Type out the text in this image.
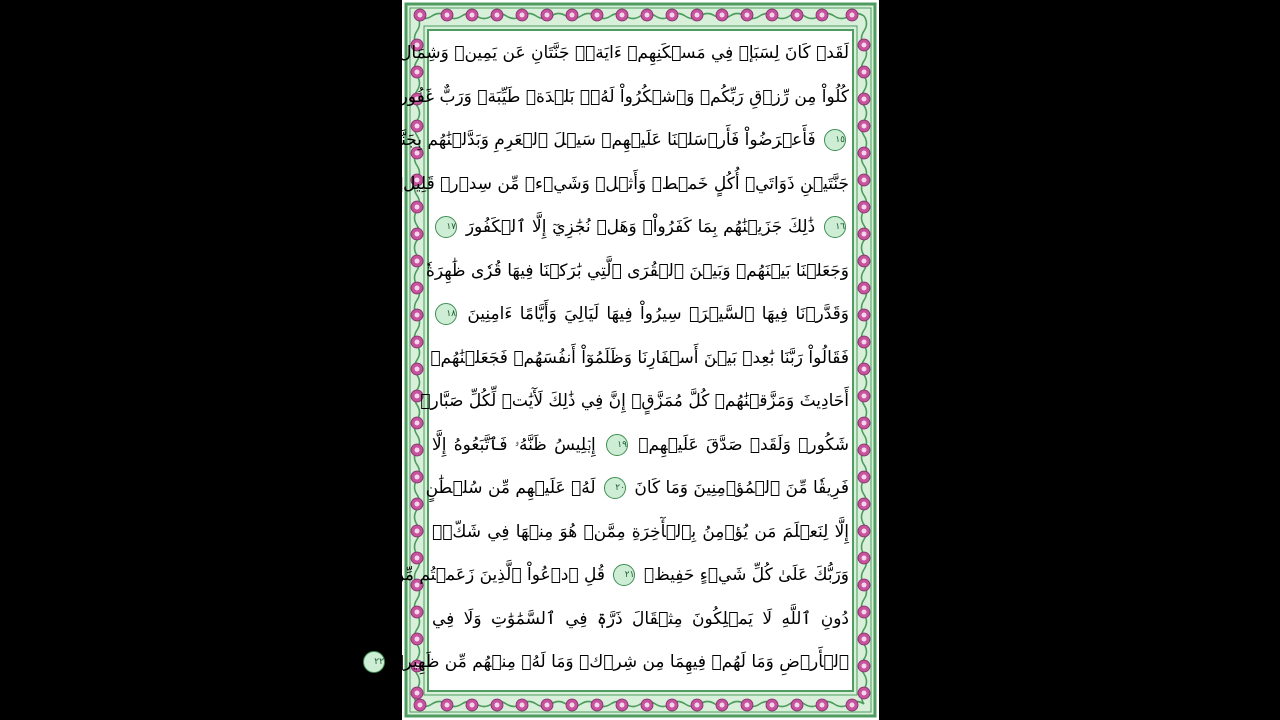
لَقَدۡ كَانَ لِسَبَإٖ فِي مَسۡكَنِهِمۡ ءَايَةٞۖ جَنَّتَانِ عَن يَمِينٖ وَشِمَالٖۖ
كُلُواْ مِن رِّزۡقِ رَبِّكُمۡ وَٱشۡكُرُواْ لَهُۥۚ بَلۡدَةٞ طَيِّبَةٞ وَرَبٌّ غَفُورٞ
١٥ فَأَعۡرَضُواْ فَأَرۡسَلۡنَا عَلَيۡهِمۡ سَيۡلَ ٱلۡعَرِمِ وَبَدَّلۡنَٰهُم بِجَنَّتَيۡهِمۡ
جَنَّتَيۡنِ ذَوَاتَيۡ أُكُلٍ خَمۡطٖ وَأَثۡلٖ وَشَيۡءٖ مِّن سِدۡرٖ قَلِيلٖ
١٦ ذَٰلِكَ جَزَيۡنَٰهُم بِمَا كَفَرُواْۖ وَهَلۡ نُجَٰزِيٓ إِلَّا ٱلۡكَفُورَ ١٧
وَجَعَلۡنَا بَيۡنَهُمۡ وَبَيۡنَ ٱلۡقُرَى ٱلَّتِي بَٰرَكۡنَا فِيهَا قُرٗى ظَٰهِرَةٗ
وَقَدَّرۡنَا فِيهَا ٱلسَّيۡرَۖ سِيرُواْ فِيهَا لَيَالِيَ وَأَيَّامًا ءَامِنِينَ ١٨
فَقَالُواْ رَبَّنَا بَٰعِدۡ بَيۡنَ أَسۡفَارِنَا وَظَلَمُوٓاْ أَنفُسَهُمۡ فَجَعَلۡنَٰهُمۡ
أَحَادِيثَ وَمَزَّقۡنَٰهُمۡ كُلَّ مُمَزَّقٍۚ إِنَّ فِي ذَٰلِكَ لَأٓيَٰتٖ لِّكُلِّ صَبَّارٖ
شَكُورٖ وَلَقَدۡ صَدَّقَ عَلَيۡهِمۡ ١٩ إِبۡلِيسُ ظَنَّهُۥ فَٱتَّبَعُوهُ إِلَّا
فَرِيقٗا مِّنَ ٱلۡمُؤۡمِنِينَ وَمَا كَانَ ٢٠ لَهُۥ عَلَيۡهِم مِّن سُلۡطَٰنٍ
إِلَّا لِنَعۡلَمَ مَن يُؤۡمِنُ بِٱلۡأٓخِرَةِ مِمَّنۡ هُوَ مِنۡهَا فِي شَكّٖۗ
وَرَبُّكَ عَلَىٰ كُلِّ شَيۡءٍ حَفِيظٞ ٢١ قُلِ ٱدۡعُواْ ٱلَّذِينَ زَعَمۡتُم مِّن
دُونِ ٱللَّهِ لَا يَمۡلِكُونَ مِثۡقَالَ ذَرَّةٖ فِي ٱلسَّمَٰوَٰتِ وَلَا فِي
ٱلۡأَرۡضِ وَمَا لَهُمۡ فِيهِمَا مِن شِرۡكٖ وَمَا لَهُۥ مِنۡهُم مِّن ظَهِيرٖ ٢٢
